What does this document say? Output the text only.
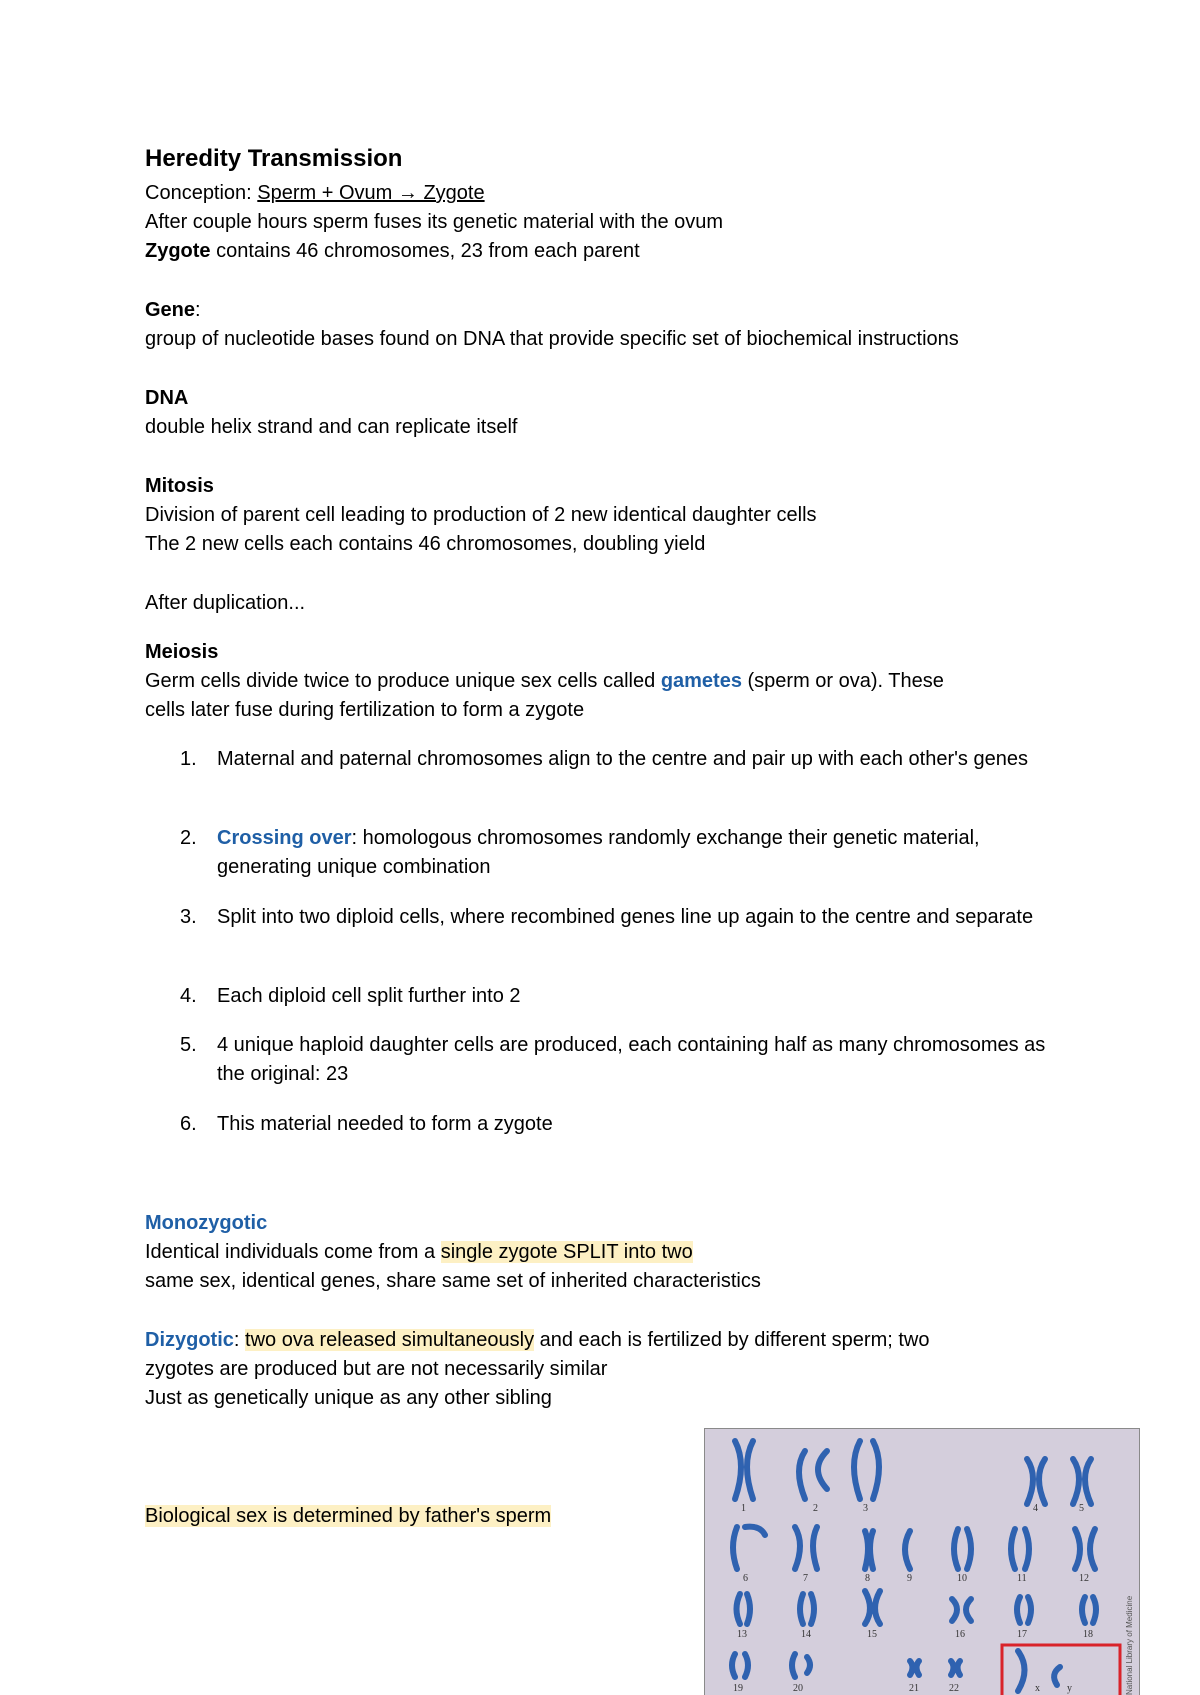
Heredity Transmission
Conception: Sperm + Ovum → Zygote
After couple hours sperm fuses its genetic material with the ovum
Zygote contains 46 chromosomes, 23 from each parent
Gene:
group of nucleotide bases found on DNA that provide specific set of biochemical instructions
DNA
double helix strand and can replicate itself
Mitosis
Division of parent cell leading to production of 2 new identical daughter cells
The 2 new cells each contains 46 chromosomes, doubling yield
After duplication...
Meiosis
Germ cells divide twice to produce unique sex cells called gametes (sperm or ova). These
cells later fuse during fertilization to form a zygote
1. Maternal and paternal chromosomes align to the centre and pair up with each other's genes
2. Crossing over: homologous chromosomes randomly exchange their genetic material, generating unique combination
3. Split into two diploid cells, where recombined genes line up again to the centre and separate
4. Each diploid cell split further into 2
5. 4 unique haploid daughter cells are produced, each containing half as many chromosomes as the original: 23
6. This material needed to form a zygote
Monozygotic
Identical individuals come from a single zygote SPLIT into two
same sex, identical genes, share same set of inherited characteristics
Dizygotic: two ova released simultaneously and each is fertilized by different sperm; two
zygotes are produced but are not necessarily similar
Just as genetically unique as any other sibling
Biological sex is determined by father's sperm	1	2	3	4	5
6	7	8	9	10	11	12
13	14	15	16	17	18
19	20	21	22	x	y	National Library of Medicine
